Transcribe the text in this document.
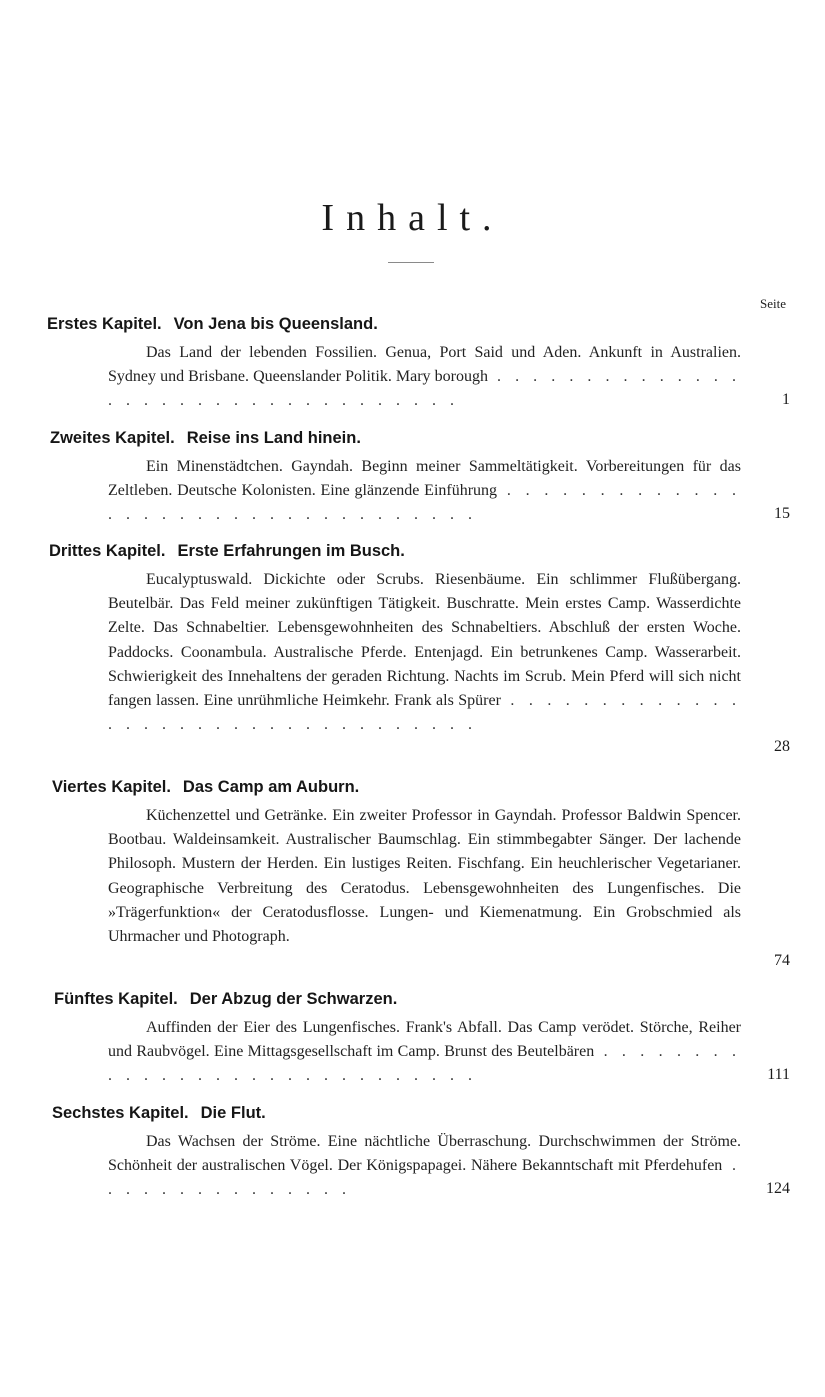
Inhalt.
Seite
Erstes Kapitel. Von Jena bis Queensland.
Das Land der lebenden Fossilien. Genua, Port Said und Aden. Ankunft in Australien. Sydney und Brisbane. Queenslander Politik. Mary borough . . . . . . . . . . . . . . . . . . . . . . . . . . . . . . . . . .	1
Zweites Kapitel. Reise ins Land hinein.
Ein Minenstädtchen. Gayndah. Beginn meiner Sammeltätigkeit. Vorbereitungen für das Zeltleben. Deutsche Kolonisten. Eine glänzende Einführung . . . . . . . . . . . . . . . . . . . . . . . . . . . . . . . . . .	15
Drittes Kapitel. Erste Erfahrungen im Busch.
Eucalyptuswald. Dickichte oder Scrubs. Riesenbäume. Ein schlimmer Flußübergang. Beutelbär. Das Feld meiner zukünftigen Tätigkeit. Buschratte. Mein erstes Camp. Wasserdichte Zelte. Das Schnabeltier. Lebensgewohnheiten des Schnabeltiers. Abschluß der ersten Woche. Paddocks. Coonambula. Australische Pferde. Entenjagd. Ein betrunkenes Camp. Wasserarbeit. Schwierigkeit des Innehaltens der geraden Richtung. Nachts im Scrub. Mein Pferd will sich nicht fangen lassen. Eine unrühmliche Heimkehr. Frank als Spürer . . . . . . . . . . . . . . . . . . . . . . . . . . . . . . . . . .
28
Viertes Kapitel. Das Camp am Auburn.
Küchenzettel und Getränke. Ein zweiter Professor in Gayndah. Professor Baldwin Spencer. Bootbau. Waldeinsamkeit. Australischer Baumschlag. Ein stimmbegabter Sänger. Der lachende Philosoph. Mustern der Herden. Ein lustiges Reiten. Fischfang. Ein heuchlerischer Vegetarianer. Geographische Verbreitung des Ceratodus. Lebensgewohnheiten des Lungenfisches. Die »Trägerfunktion« der Ceratodusflosse. Lungen- und Kiemenatmung. Ein Grobschmied als Uhrmacher und Photograph.
74
Fünftes Kapitel. Der Abzug der Schwarzen.
Auffinden der Eier des Lungenfisches. Frank's Abfall. Das Camp verödet. Störche, Reiher und Raubvögel. Eine Mittagsgesellschaft im Camp. Brunst des Beutelbären . . . . . . . . . . . . . . . . . . . . . . . . . . . . .	111
Sechstes Kapitel. Die Flut.
Das Wachsen der Ströme. Eine nächtliche Überraschung. Durchschwimmen der Ströme. Schönheit der australischen Vögel. Der Königspapagei. Nähere Bekanntschaft mit Pferdehufen . . . . . . . . . . . . . . .	124
